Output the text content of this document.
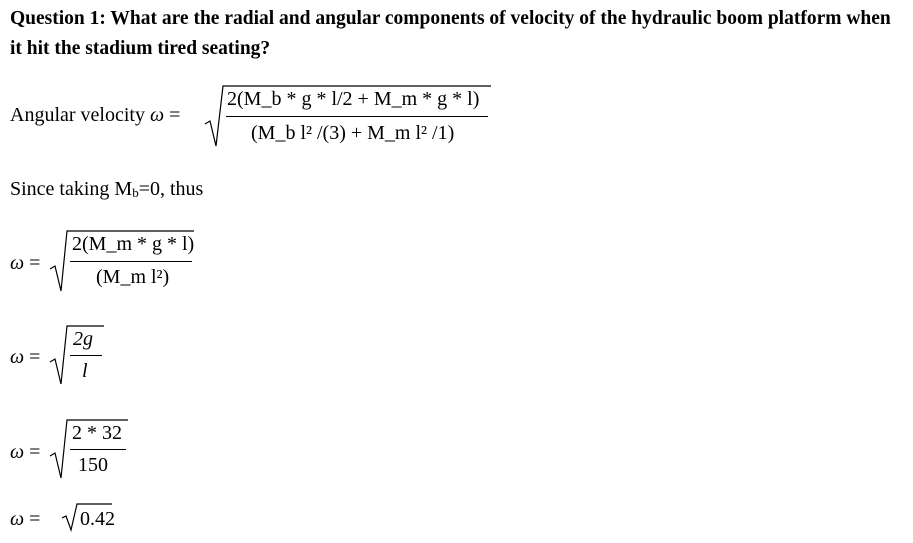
Question 1: What are the radial and angular components of velocity of the hydraulic boom platform when it hit the stadium tired seating?
Angular velocity ω =
2(M_b * g * l/2 + M_m * g * l)
(M_b l² /(3) + M_m l² /1)
Since taking Mb=0, thus
ω =
2(M_m * g * l)
(M_m l²)
ω =
2g
l
ω =
2 * 32
150
ω = 0.42
